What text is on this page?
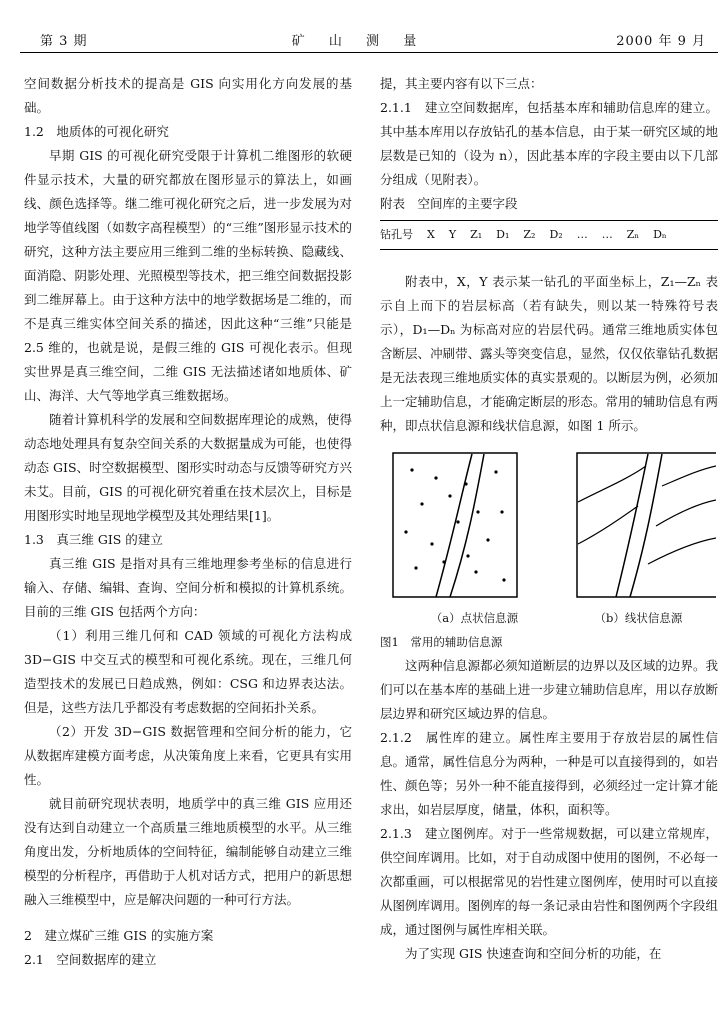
第 3 期	矿 山 测 量	2000 年 9 月

空间数据分析技术的提高是 GIS 向实用化方向发展的基础。

1.2　地质体的可视化研究

早期 GIS 的可视化研究受限于计算机二维图形的软硬件显示技术，大量的研究都放在图形显示的算法上，如画线、颜色选择等。继二维可视化研究之后，进一步发展为对地学等值线图（如数字高程模型）的“三维”图形显示技术的研究，这种方法主要应用三维到二维的坐标转换、隐藏线、面消隐、阴影处理、光照模型等技术，把三维空间数据投影到二维屏幕上。由于这种方法中的地学数据场是二维的，而不是真三维实体空间关系的描述，因此这种“三维”只能是 2.5 维的，也就是说，是假三维的 GIS 可视化表示。但现实世界是真三维空间，二维 GIS 无法描述诸如地质体、矿山、海洋、大气等地学真三维数据场。

随着计算机科学的发展和空间数据库理论的成熟，使得动态地处理具有复杂空间关系的大数据量成为可能，也使得动态 GIS、时空数据模型、图形实时动态与反馈等研究方兴未艾。目前，GIS 的可视化研究着重在技术层次上，目标是用图形实时地呈现地学模型及其处理结果[1]。

1.3　真三维 GIS 的建立

真三维 GIS 是指对具有三维地理参考坐标的信息进行输入、存储、编辑、查询、空间分析和模拟的计算机系统。目前的三维 GIS 包括两个方向：

（1）利用三维几何和 CAD 领域的可视化方法构成 3D−GIS 中交互式的模型和可视化系统。现在，三维几何造型技术的发展已日趋成熟，例如：CSG 和边界表达法。但是，这些方法几乎都没有考虑数据的空间拓扑关系。

（2）开发 3D−GIS 数据管理和空间分析的能力，它从数据库建模方面考虑，从决策角度上来看，它更具有实用性。

就目前研究现状表明，地质学中的真三维 GIS 应用还没有达到自动建立一个高质量三维地质模型的水平。从三维角度出发，分析地质体的空间特征，编制能够自动建立三维模型的分析程序，再借助于人机对话方式，把用户的新思想融入三维模型中，应是解决问题的一种可行方法。

2　建立煤矿三维 GIS 的实施方案

2.1　空间数据库的建立

提，其主要内容有以下三点：

2.1.1　建立空间数据库，包括基本库和辅助信息库的建立。其中基本库用以存放钻孔的基本信息，由于某一研究区域的地层数是已知的（设为 n），因此基本库的字段主要由以下几部分组成（见附表）。

附表　空间库的主要字段

钻孔号 X Y Z₁ D₁ Z₂ D₂ … … Zₙ Dₙ

附表中，X，Y 表示某一钻孔的平面坐标上，Z₁—Zₙ 表示自上而下的岩层标高（若有缺失，则以某一特殊符号表示），D₁—Dₙ 为标高对应的岩层代码。通常三维地质实体包含断层、冲刷带、露头等突变信息，显然，仅仅依靠钻孔数据是无法表现三维地质实体的真实景观的。以断层为例，必须加上一定辅助信息，才能确定断层的形态。常用的辅助信息有两种，即点状信息源和线状信息源，如图 1 所示。

（a）点状信息源	（b）线状信息源

图1　常用的辅助信息源

这两种信息源都必须知道断层的边界以及区域的边界。我们可以在基本库的基础上进一步建立辅助信息库，用以存放断层边界和研究区域边界的信息。

2.1.2　属性库的建立。属性库主要用于存放岩层的属性信息。通常，属性信息分为两种，一种是可以直接得到的，如岩性、颜色等；另外一种不能直接得到，必须经过一定计算才能求出，如岩层厚度，储量，体积，面积等。

2.1.3　建立图例库。对于一些常规数据，可以建立常规库，供空间库调用。比如，对于自动成图中使用的图例，不必每一次都重画，可以根据常见的岩性建立图例库，使用时可以直接从图例库调用。图例库的每一条记录由岩性和图例两个字段组成，通过图例与属性库相关联。

为了实现 GIS 快速查询和空间分析的功能，在
